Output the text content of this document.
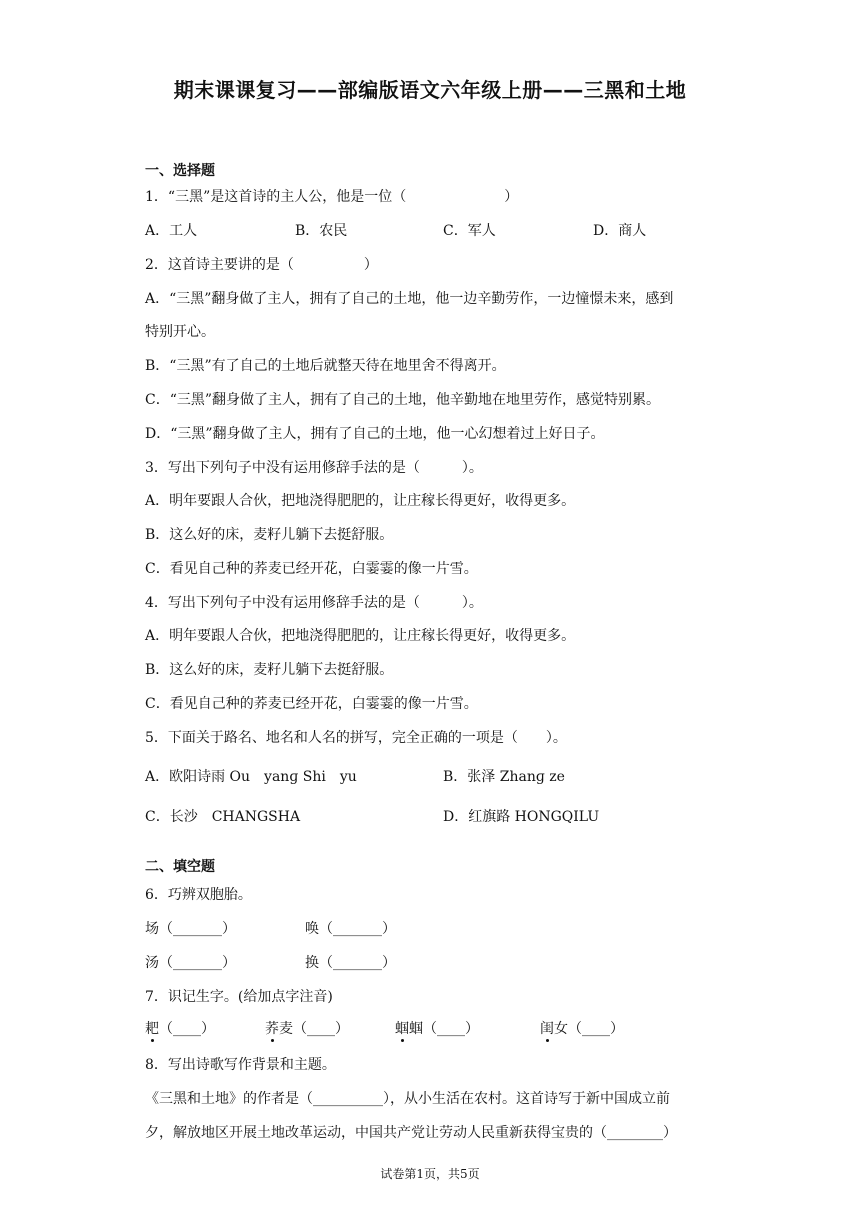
期末课课复习——部编版语文六年级上册——三黑和土地
一、选择题
1．“三黑”是这首诗的主人公，他是一位（　　　　　　　）
A．工人	B．农民	C．军人	D．商人
2．这首诗主要讲的是（　　　　　）
A．“三黑”翻身做了主人，拥有了自己的土地，他一边辛勤劳作，一边憧憬未来，感到
特别开心。
B．“三黑”有了自己的土地后就整天待在地里舍不得离开。
C．“三黑”翻身做了主人，拥有了自己的土地，他辛勤地在地里劳作，感觉特别累。
D．“三黑”翻身做了主人，拥有了自己的土地，他一心幻想着过上好日子。
3．写出下列句子中没有运用修辞手法的是（　　　）。
A．明年要跟人合伙，把地浇得肥肥的，让庄稼长得更好，收得更多。
B．这么好的床，麦籽儿躺下去挺舒服。
C．看见自己种的荞麦已经开花，白霎霎的像一片雪。
4．写出下列句子中没有运用修辞手法的是（　　　）。
A．明年要跟人合伙，把地浇得肥肥的，让庄稼长得更好，收得更多。
B．这么好的床，麦籽儿躺下去挺舒服。
C．看见自己种的荞麦已经开花，白霎霎的像一片雪。
5．下面关于路名、地名和人名的拼写，完全正确的一项是（　　）。
A．欧阳诗雨 Ou　yanɡ Shi　yu	B．张泽 Zhanɡ ze
C．长沙　CHANGSHA	D．红旗路 HONGQILU
二、填空题
6．巧辨双胞胎。
场（_______）	唤（_______）
汤（_______）	换（_______）
7．识记生字。(给加点字注音)
耙（____）	荞麦（____）	蝈蝈（____）	闺女（____）
8．写出诗歌写作背景和主题。
《三黑和土地》的作者是（__________），从小生活在农村。这首诗写于新中国成立前
夕，解放地区开展土地改革运动，中国共产党让劳动人民重新获得宝贵的（________）
试卷第1页，共5页
